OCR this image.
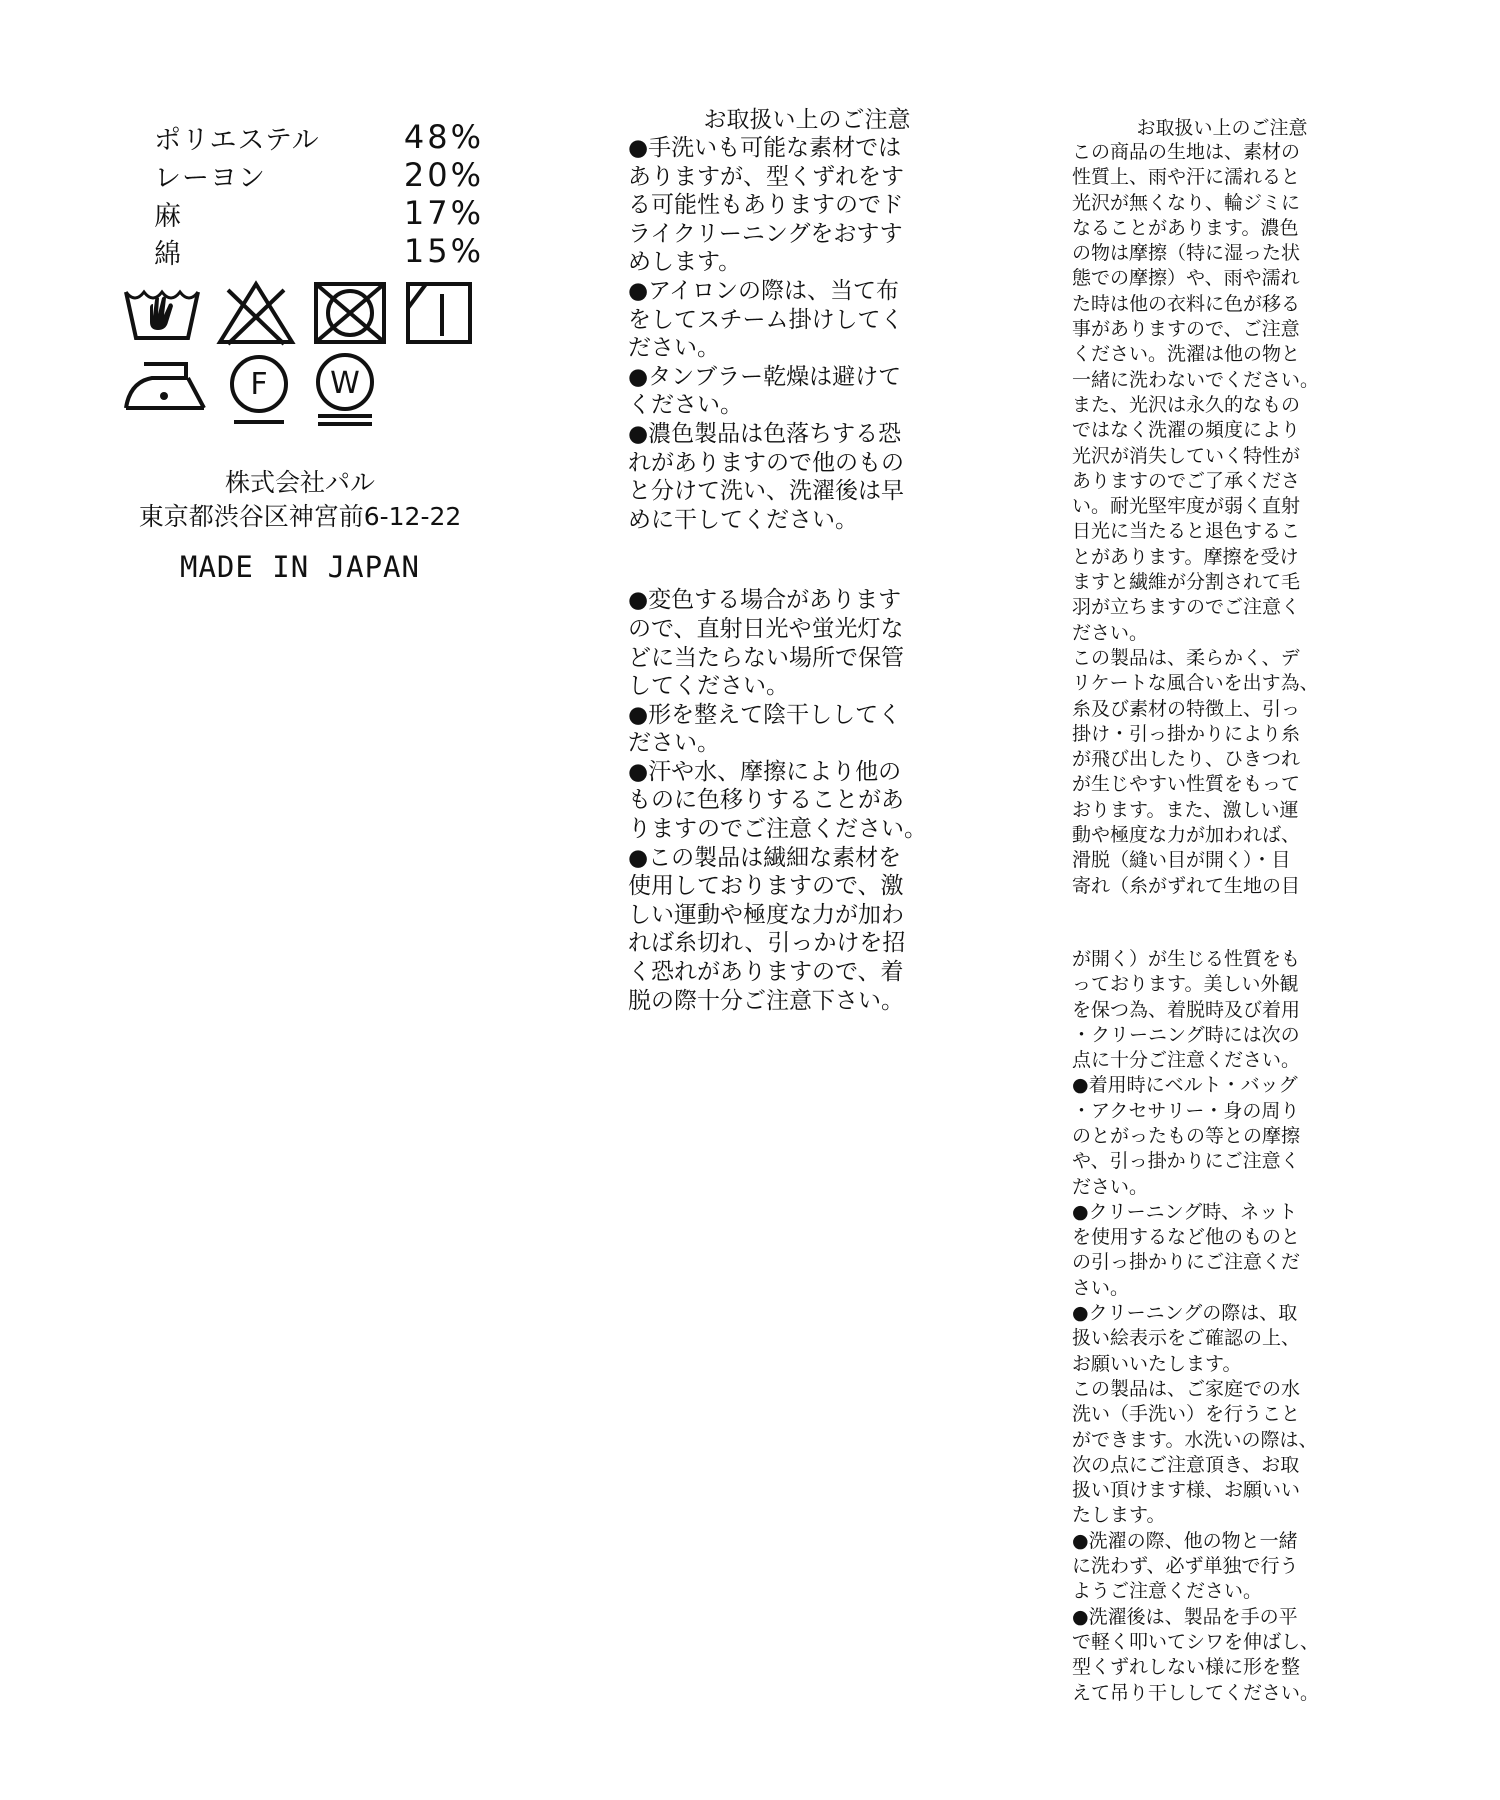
ポリエステル	48%
レーヨン	20%
麻	17%
綿	15%
F W
株式会社パル
東京都渋谷区神宮前6-12-22
MADE IN JAPAN
お取扱い上のご注意
●手洗いも可能な素材では
ありますが、型くずれをす
る可能性もありますのでド
ライクリーニングをおすす
めします。
●アイロンの際は、当て布
をしてスチーム掛けしてく
ださい。
●タンブラー乾燥は避けて
ください。
●濃色製品は色落ちする恐
れがありますので他のもの
と分けて洗い、洗濯後は早
めに干してください。
●変色する場合があります
ので、直射日光や蛍光灯な
どに当たらない場所で保管
してください。
●形を整えて陰干ししてく
ださい。
●汗や水、摩擦により他の
ものに色移りすることがあ
りますのでご注意ください。
●この製品は繊細な素材を
使用しておりますので、激
しい運動や極度な力が加わ
れば糸切れ、引っかけを招
く恐れがありますので、着
脱の際十分ご注意下さい。
お取扱い上のご注意
この商品の生地は、素材の
性質上、雨や汗に濡れると
光沢が無くなり、輪ジミに
なることがあります。濃色
の物は摩擦（特に湿った状
態での摩擦）や、雨や濡れ
た時は他の衣料に色が移る
事がありますので、ご注意
ください。洗濯は他の物と
一緒に洗わないでください。
また、光沢は永久的なもの
ではなく洗濯の頻度により
光沢が消失していく特性が
ありますのでご了承くださ
い。耐光堅牢度が弱く直射
日光に当たると退色するこ
とがあります。摩擦を受け
ますと繊維が分割されて毛
羽が立ちますのでご注意く
ださい。
この製品は、柔らかく、デ
リケートな風合いを出す為、
糸及び素材の特徴上、引っ
掛け・引っ掛かりにより糸
が飛び出したり、ひきつれ
が生じやすい性質をもって
おります。また、激しい運
動や極度な力が加われば、
滑脱（縫い目が開く）・目
寄れ（糸がずれて生地の目
が開く）が生じる性質をも
っております。美しい外観
を保つ為、着脱時及び着用
・クリーニング時には次の
点に十分ご注意ください。
●着用時にベルト・バッグ
・アクセサリー・身の周り
のとがったもの等との摩擦
や、引っ掛かりにご注意く
ださい。
●クリーニング時、ネット
を使用するなど他のものと
の引っ掛かりにご注意くだ
さい。
●クリーニングの際は、取
扱い絵表示をご確認の上、
お願いいたします。
この製品は、ご家庭での水
洗い（手洗い）を行うこと
ができます。水洗いの際は、
次の点にご注意頂き、お取
扱い頂けます様、お願いい
たします。
●洗濯の際、他の物と一緒
に洗わず、必ず単独で行う
ようご注意ください。
●洗濯後は、製品を手の平
で軽く叩いてシワを伸ばし、
型くずれしない様に形を整
えて吊り干ししてください。
